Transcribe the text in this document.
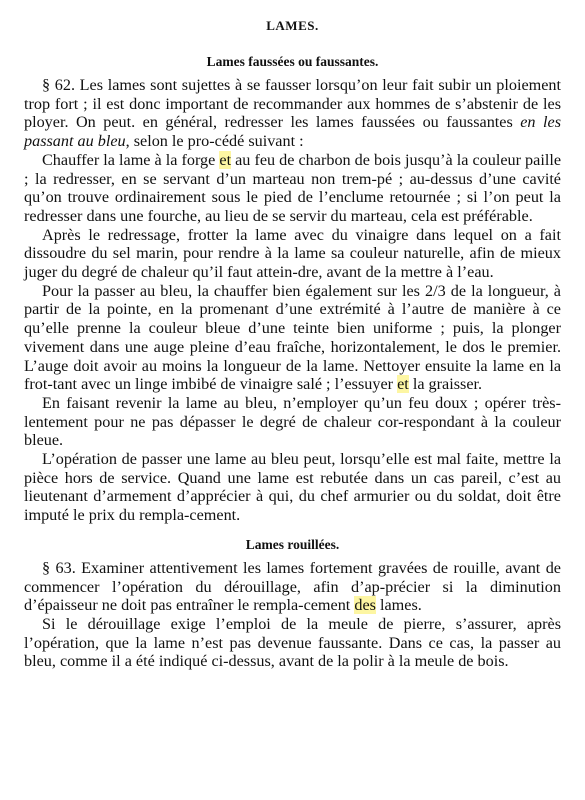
LAMES.
Lames faussées ou faussantes.

§ 62. Les lames sont sujettes à se fausser lorsqu’on leur fait subir un ploiement trop fort ; il est donc important de recommander aux hommes de s’abstenir de les ployer. On peut. en général, redresser les lames faussées ou faussantes en les passant au bleu, selon le pro-cédé suivant :

Chauffer la lame à la forge et au feu de charbon de bois jusqu’à la couleur paille ; la redresser, en se servant d’un marteau non trem-pé ; au-dessus d’une cavité qu’on trouve ordinairement sous le pied de l’enclume retournée ; si l’on peut la redresser dans une fourche, au lieu de se servir du marteau, cela est préférable.

Après le redressage, frotter la lame avec du vinaigre dans lequel on a fait dissoudre du sel marin, pour rendre à la lame sa couleur naturelle, afin de mieux juger du degré de chaleur qu’il faut attein-dre, avant de la mettre à l’eau.

Pour la passer au bleu, la chauffer bien également sur les 2/3 de la longueur, à partir de la pointe, en la promenant d’une extrémité à l’autre de manière à ce qu’elle prenne la couleur bleue d’une teinte bien uniforme ; puis, la plonger vivement dans une auge pleine d’eau fraîche, horizontalement, le dos le premier. L’auge doit avoir au moins la longueur de la lame. Nettoyer ensuite la lame en la frot-tant avec un linge imbibé de vinaigre salé ; l’essuyer et la graisser.

En faisant revenir la lame au bleu, n’employer qu’un feu doux ; opérer très-lentement pour ne pas dépasser le degré de chaleur cor-respondant à la couleur bleue.

L’opération de passer une lame au bleu peut, lorsqu’elle est mal faite, mettre la pièce hors de service. Quand une lame est rebutée dans un cas pareil, c’est au lieutenant d’armement d’apprécier à qui, du chef armurier ou du soldat, doit être imputé le prix du rempla-cement.

Lames rouillées.

§ 63. Examiner attentivement les lames fortement gravées de rouille, avant de commencer l’opération du dérouillage, afin d’ap-précier si la diminution d’épaisseur ne doit pas entraîner le rempla-cement des lames.

Si le dérouillage exige l’emploi de la meule de pierre, s’assurer, après l’opération, que la lame n’est pas devenue faussante. Dans ce cas, la passer au bleu, comme il a été indiqué ci-dessus, avant de la polir à la meule de bois.
